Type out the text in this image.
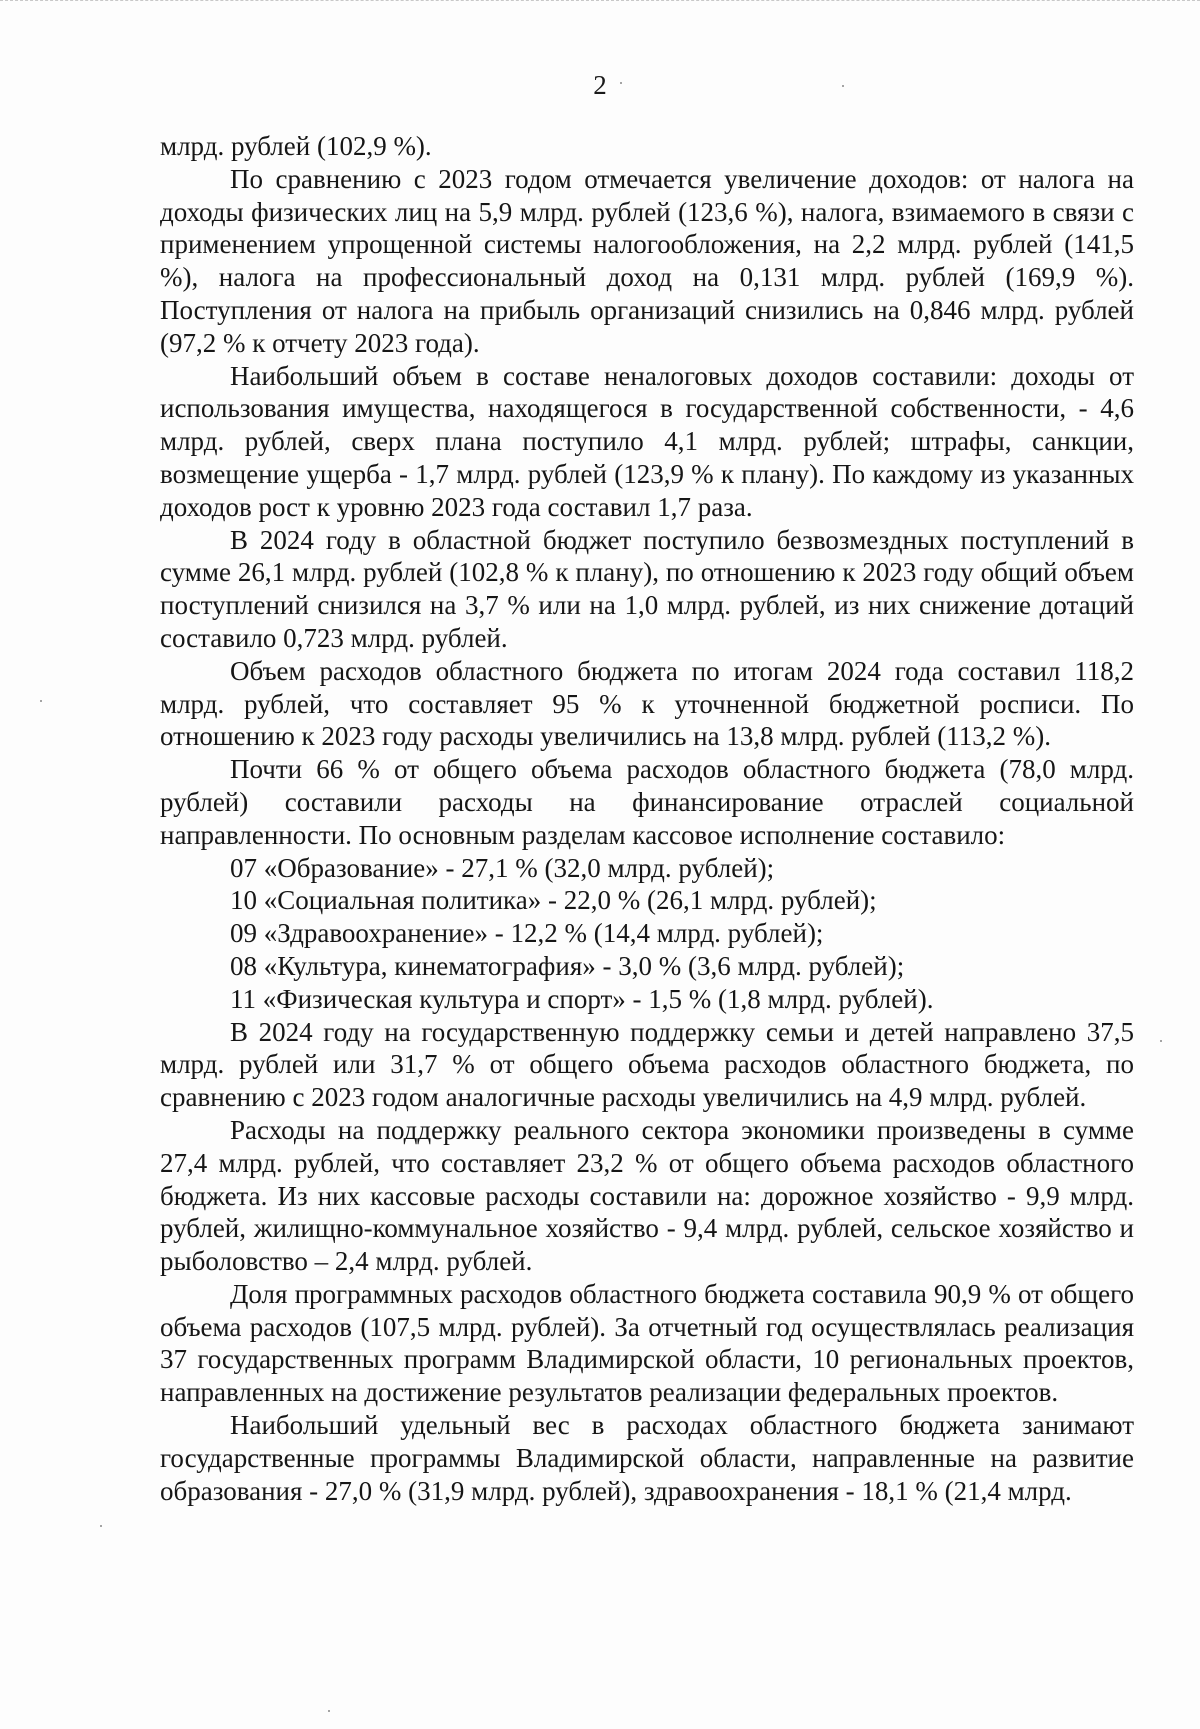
2

млрд. рублей (102,9 %).

По сравнению с 2023 годом отмечается увеличение доходов: от налога на доходы физических лиц на 5,9 млрд. рублей (123,6 %), налога, взимаемого в связи с применением упрощенной системы налогообложения, на 2,2 млрд. рублей (141,5 %), налога на профессиональный доход на 0,131 млрд. рублей (169,9 %). Поступления от налога на прибыль организаций снизились на 0,846 млрд. рублей (97,2 % к отчету 2023 года).

Наибольший объем в составе неналоговых доходов составили: доходы от использования имущества, находящегося в государственной собственности, - 4,6 млрд. рублей, сверх плана поступило 4,1 млрд. рублей; штрафы, санкции, возмещение ущерба - 1,7 млрд. рублей (123,9 % к плану). По каждому из указанных доходов рост к уровню 2023 года составил 1,7 раза.

В 2024 году в областной бюджет поступило безвозмездных поступлений в сумме 26,1 млрд. рублей (102,8 % к плану), по отношению к 2023 году общий объем поступлений снизился на 3,7 % или на 1,0 млрд. рублей, из них снижение дотаций составило 0,723 млрд. рублей.

Объем расходов областного бюджета по итогам 2024 года составил 118,2 млрд. рублей, что составляет 95 % к уточненной бюджетной росписи. По отношению к 2023 году расходы увеличились на 13,8 млрд. рублей (113,2 %).

Почти 66 % от общего объема расходов областного бюджета (78,0 млрд. рублей) составили расходы на финансирование отраслей социальной направленности. По основным разделам кассовое исполнение составило:

07 «Образование» - 27,1 % (32,0 млрд. рублей);

10 «Социальная политика» - 22,0 % (26,1 млрд. рублей);

09 «Здравоохранение» - 12,2 % (14,4 млрд. рублей);

08 «Культура, кинематография» - 3,0 % (3,6 млрд. рублей);

11 «Физическая культура и спорт» - 1,5 % (1,8 млрд. рублей).

В 2024 году на государственную поддержку семьи и детей направлено 37,5 млрд. рублей или 31,7 % от общего объема расходов областного бюджета, по сравнению с 2023 годом аналогичные расходы увеличились на 4,9 млрд. рублей.

Расходы на поддержку реального сектора экономики произведены в сумме 27,4 млрд. рублей, что составляет 23,2 % от общего объема расходов областного бюджета. Из них кассовые расходы составили на: дорожное хозяйство - 9,9 млрд. рублей, жилищно-коммунальное хозяйство - 9,4 млрд. рублей, сельское хозяйство и рыболовство – 2,4 млрд. рублей.

Доля программных расходов областного бюджета составила 90,9 % от общего объема расходов (107,5 млрд. рублей). За отчетный год осуществлялась реализация 37 государственных программ Владимирской области, 10 региональных проектов, направленных на достижение результатов реализации федеральных проектов.

Наибольший удельный вес в расходах областного бюджета занимают государственные программы Владимирской области, направленные на развитие образования - 27,0 % (31,9 млрд. рублей), здравоохранения - 18,1 % (21,4 млрд.
